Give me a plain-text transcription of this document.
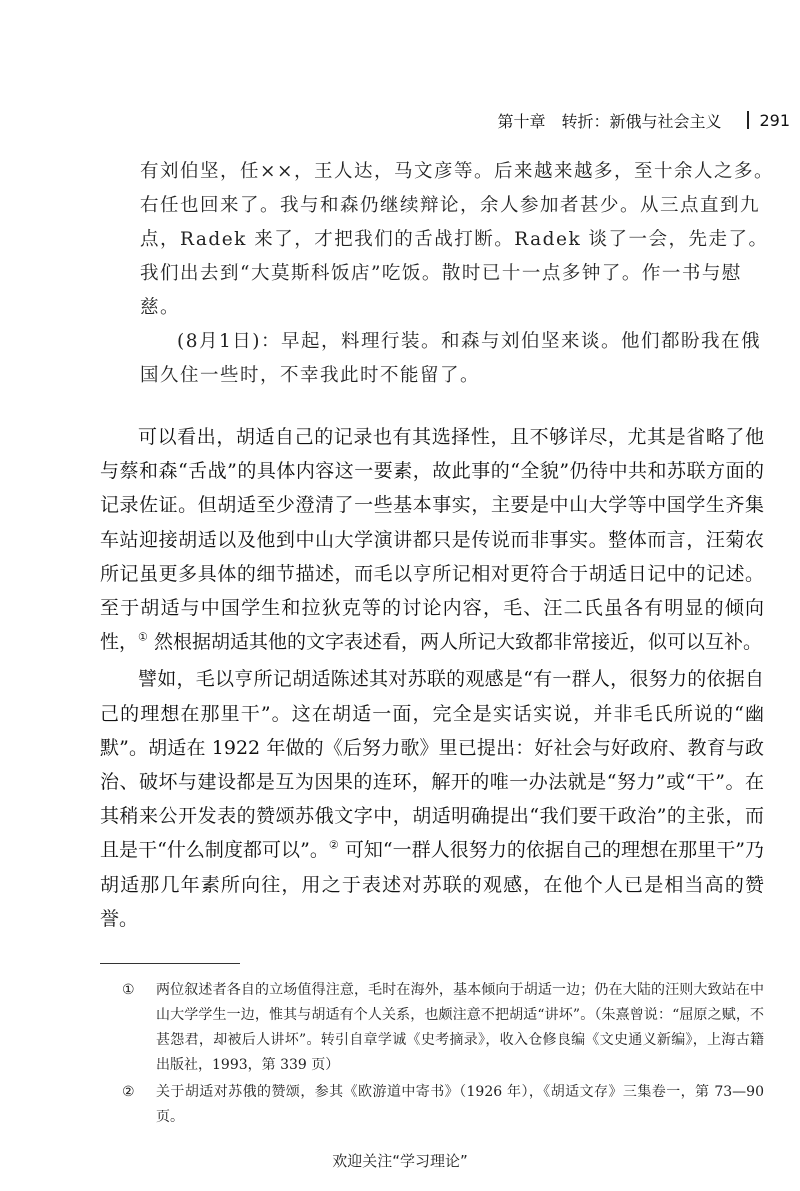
第十章　转折：新俄与社会主义 291

有刘伯坚，任××，王人达，马文彦等。后来越来越多，至十余人之多。右任也回来了。我与和森仍继续辩论，余人参加者甚少。从三点直到九点，Radek 来了，才把我们的舌战打断。Radek 谈了一会，先走了。我们出去到“大莫斯科饭店”吃饭。散时已十一点多钟了。作一书与慰慈。

(8月1日)：早起，料理行装。和森与刘伯坚来谈。他们都盼我在俄国久住一些时，不幸我此时不能留了。

可以看出，胡适自己的记录也有其选择性，且不够详尽，尤其是省略了他与蔡和森“舌战”的具体内容这一要素，故此事的“全貌”仍待中共和苏联方面的记录佐证。但胡适至少澄清了一些基本事实，主要是中山大学等中国学生齐集车站迎接胡适以及他到中山大学演讲都只是传说而非事实。整体而言，汪菊农所记虽更多具体的细节描述，而毛以亨所记相对更符合于胡适日记中的记述。至于胡适与中国学生和拉狄克等的讨论内容，毛、汪二氏虽各有明显的倾向性，① 然根据胡适其他的文字表述看，两人所记大致都非常接近，似可以互补。

譬如，毛以亨所记胡适陈述其对苏联的观感是“有一群人，很努力的依据自己的理想在那里干”。这在胡适一面，完全是实话实说，并非毛氏所说的“幽默”。胡适在 1922 年做的《后努力歌》里已提出：好社会与好政府、教育与政治、破坏与建设都是互为因果的连环，解开的唯一办法就是“努力”或“干”。在其稍来公开发表的赞颂苏俄文字中，胡适明确提出“我们要干政治”的主张，而且是干“什么制度都可以”。② 可知“一群人很努力的依据自己的理想在那里干”乃胡适那几年素所向往，用之于表述对苏联的观感，在他个人已是相当高的赞誉。

① 两位叙述者各自的立场值得注意，毛时在海外，基本倾向于胡适一边；仍在大陆的汪则大致站在中山大学学生一边，惟其与胡适有个人关系，也颇注意不把胡适“讲坏”。（朱熹曾说：“屈原之赋，不甚怨君，却被后人讲坏”。转引自章学诚《史考摘录》，收入仓修良编《文史通义新编》，上海古籍出版社，1993，第 339 页）
② 关于胡适对苏俄的赞颂，参其《欧游道中寄书》（1926 年），《胡适文存》三集卷一，第 73—90 页。
欢迎关注“学习理论”
